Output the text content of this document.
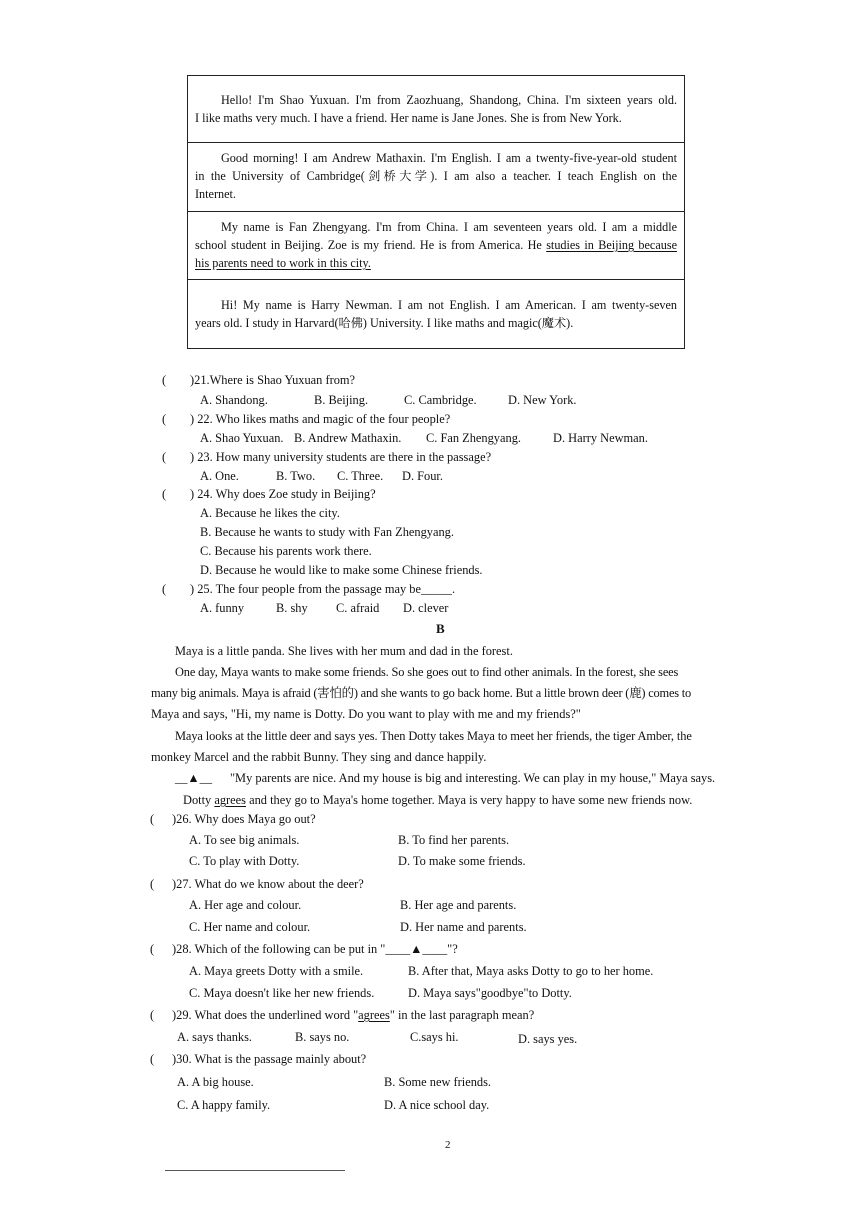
Hello! I'm Shao Yuxuan. I'm from Zaozhuang, Shandong, China. I'm sixteen years old.
I like maths very much. I have a friend. Her name is Jane Jones. She is from New York.
Good morning! I am Andrew Mathaxin. I'm English. I am a twenty-five-year-old student
in the University of Cambridge(剑桥大学). I am also a teacher. I teach English on the
Internet.
My name is Fan Zhengyang. I'm from China. I am seventeen years old. I am a middle
school student in Beijing. Zoe is my friend. He is from America. He studies in Beijing because
his parents need to work in this city.
Hi! My name is Harry Newman. I am not English. I am American. I am twenty-seven
years old. I study in Harvard(哈佛) University. I like maths and magic(魔术).
( )21.Where is Shao Yuxuan from?
A. Shandong.	B. Beijing.	C. Cambridge.	D. New York.
( ) 22. Who likes maths and magic of the four people?
A. Shao Yuxuan. B. Andrew Mathaxin. C. Fan Zhengyang.	D. Harry Newman.
( ) 23. How many university students are there in the passage?
A. One.	B. Two. C. Three. D. Four.
( ) 24. Why does Zoe study in Beijing?
A. Because he likes the city.
B. Because he wants to study with Fan Zhengyang.
C. Because his parents work there.
D. Because he would like to make some Chinese friends.
( ) 25. The four people from the passage may be_____.
A. funny	B. shy C. afraid D. clever
B
Maya is a little panda. She lives with her mum and dad in the forest.
One day, Maya wants to make some friends. So she goes out to find other animals. In the forest, she sees
many big animals. Maya is afraid (害怕的) and she wants to go back home. But a little brown deer (鹿) comes to
Maya and says, "Hi, my name is Dotty. Do you want to play with me and my friends?"
Maya looks at the little deer and says yes. Then Dotty takes Maya to meet her friends, the tiger Amber, the
monkey Marcel and the rabbit Bunny. They sing and dance happily.
__▲__ "My parents are nice. And my house is big and interesting. We can play in my house," Maya says.
Dotty agrees and they go to Maya's home together. Maya is very happy to have some new friends now.
( )26. Why does Maya go out?
A. To see big animals.	B. To find her parents.
C. To play with Dotty.	D. To make some friends.
( )27. What do we know about the deer?
A. Her age and colour.	B. Her age and parents.
C. Her name and colour.	D. Her name and parents.
( )28. Which of the following can be put in "____▲____"?
A. Maya greets Dotty with a smile.	B. After that, Maya asks Dotty to go to her home.
C. Maya doesn't like her new friends.	D. Maya says"goodbye"to Dotty.
( )29. What does the underlined word "agrees" in the last paragraph mean?
A. says thanks.	B. says no.	C.says hi.	D. says yes.
( )30. What is the passage mainly about?
A. A big house.	B. Some new friends.
C. A happy family.	D. A nice school day.
2
